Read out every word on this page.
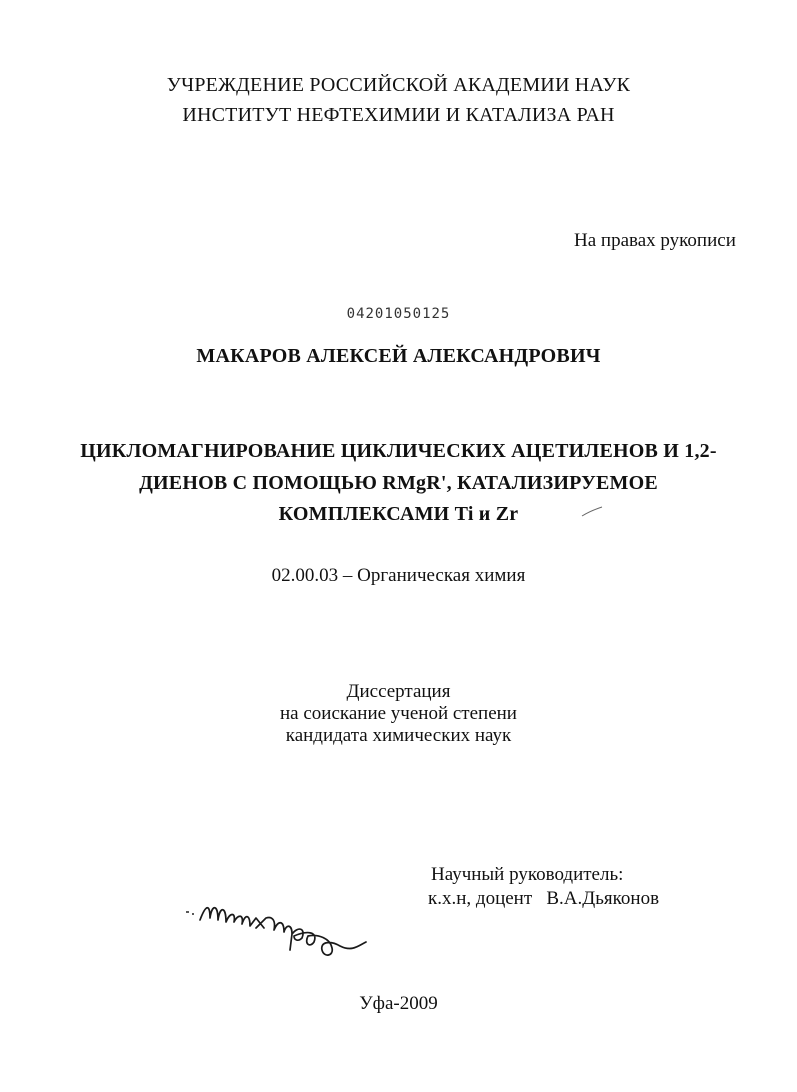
УЧРЕЖДЕНИЕ РОССИЙСКОЙ АКАДЕМИИ НАУК
ИНСТИТУТ НЕФТЕХИМИИ И КАТАЛИЗА РАН
На правах рукописи
04201050125
МАКАРОВ АЛЕКСЕЙ АЛЕКСАНДРОВИЧ
ЦИКЛОМАГНИРОВАНИЕ ЦИКЛИЧЕСКИХ АЦЕТИЛЕНОВ И 1,2-
ДИЕНОВ С ПОМОЩЬЮ RMgR', КАТАЛИЗИРУЕМОЕ
КОМПЛЕКСАМИ Ti и Zr
02.00.03 – Органическая химия
Диссертация
на соискание ученой степени
кандидата химических наук
Научный руководитель:
к.х.н, доцент   В.А.Дьяконов
Уфа-2009
